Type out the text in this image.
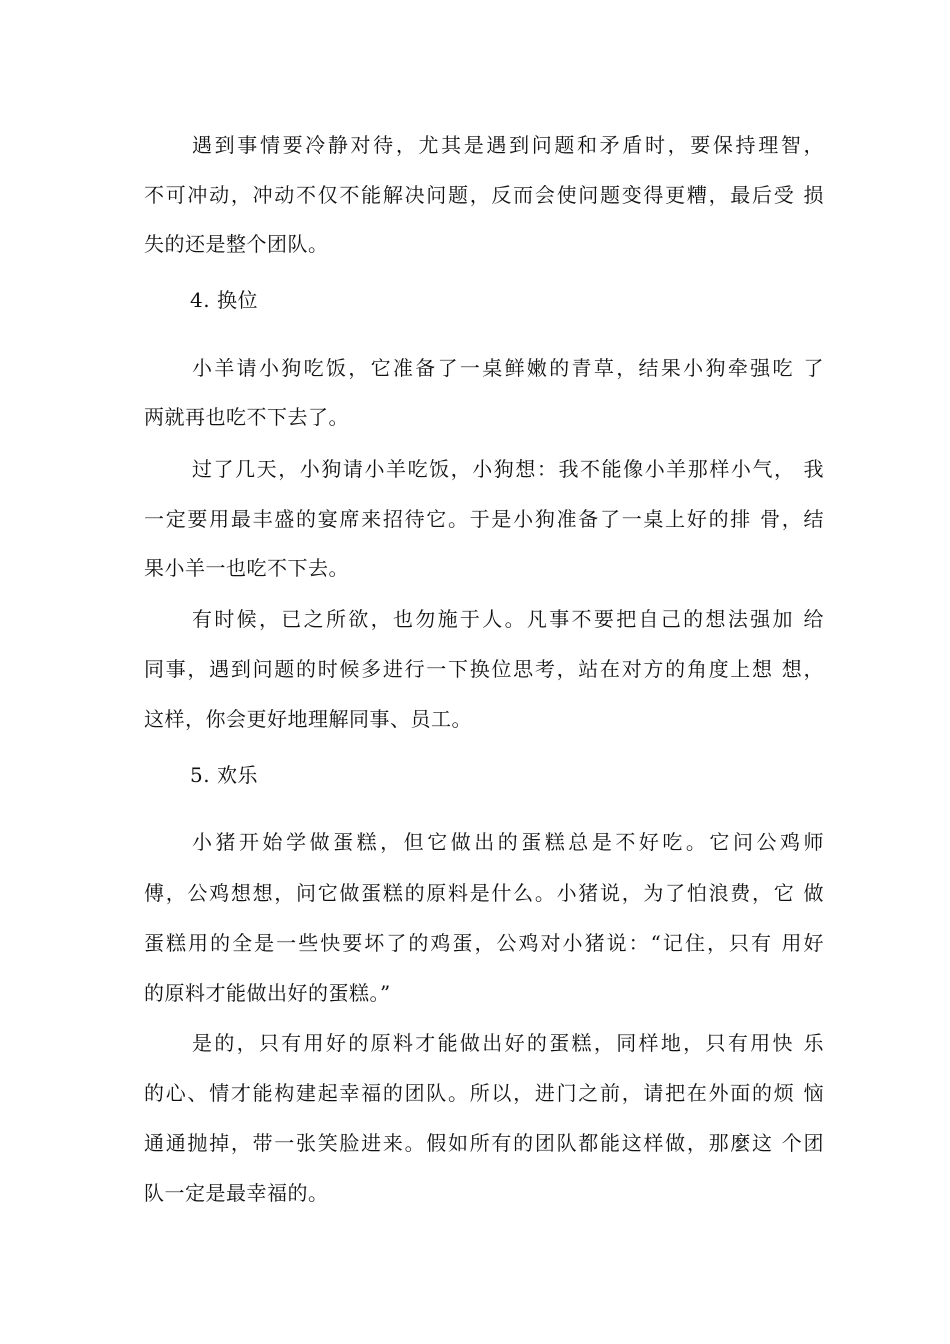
遇到事情要冷静对待，尤其是遇到问题和矛盾时，要保持理智，
不可冲动，冲动不仅不能解决问题，反而会使问题变得更糟，最后受 损
失的还是整个团队。
4. 换位
小羊请小狗吃饭，它准备了一桌鲜嫩的青草，结果小狗牵强吃 了
两就再也吃不下去了。
过了几天，小狗请小羊吃饭，小狗想：我不能像小羊那样小气， 我
一定要用最丰盛的宴席来招待它。于是小狗准备了一桌上好的排 骨，结
果小羊一也吃不下去。
有时候，已之所欲，也勿施于人。凡事不要把自己的想法强加 给
同事，遇到问题的时候多进行一下换位思考，站在对方的角度上想 想，
这样，你会更好地理解同事、员工。
5. 欢乐
小猪开始学做蛋糕，但它做出的蛋糕总是不好吃。它问公鸡师
傅，公鸡想想，问它做蛋糕的原料是什么。小猪说，为了怕浪费，它 做
蛋糕用的全是一些快要坏了的鸡蛋，公鸡对小猪说：“记住，只有 用好
的原料才能做出好的蛋糕。”
是的，只有用好的原料才能做出好的蛋糕，同样地，只有用快 乐
的心、情才能构建起幸福的团队。所以，进门之前，请把在外面的烦 恼
通通抛掉，带一张笑脸进来。假如所有的团队都能这样做，那麼这 个团
队一定是最幸福的。
